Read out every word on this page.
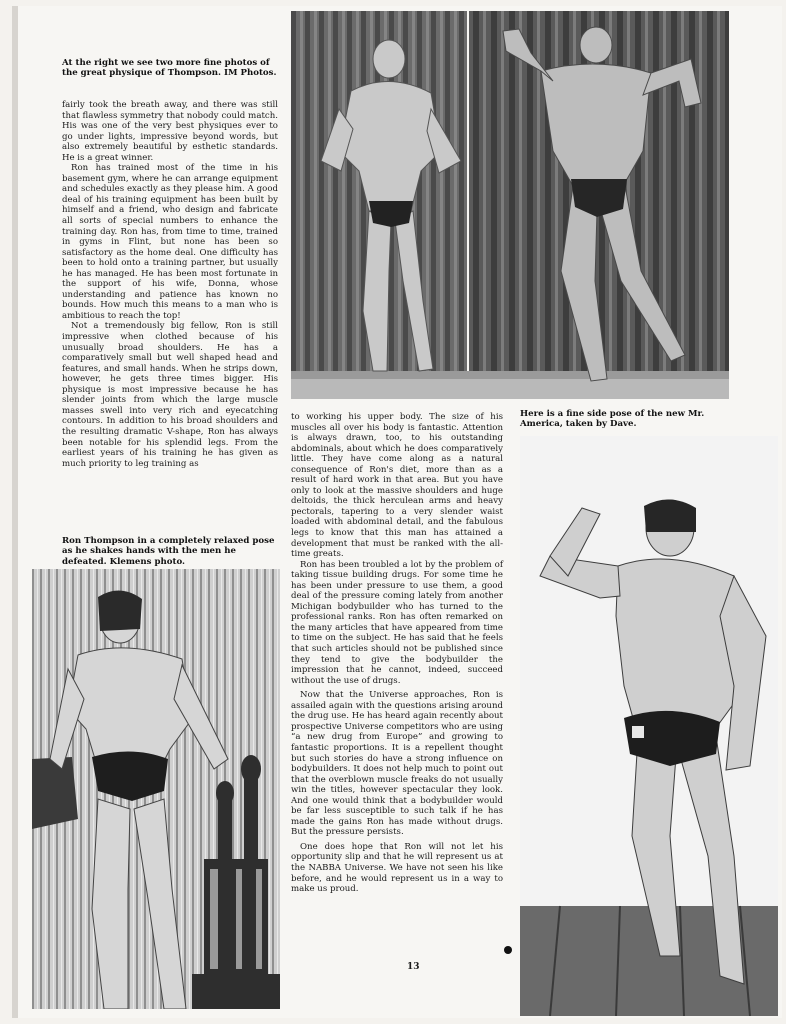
At the right we see two more fine photos of the great physique of Thompson. IM Photos.

fairly took the breath away, and there was still that flawless symmetry that nobody could match. His was one of the very best physiques ever to go under lights, impressive beyond words, but also extremely beautiful by esthetic standards. He is a great winner.

Ron has trained most of the time in his basement gym, where he can arrange equipment and schedules exactly as they please him. A good deal of his training equipment has been built by himself and a friend, who design and fabricate all sorts of special numbers to enhance the training day. Ron has, from time to time, trained in gyms in Flint, but none has been so satisfactory as the home deal. One difficulty has been to hold onto a training partner, but usually he has managed. He has been most fortunate in the support of his wife, Donna, whose understanding and patience has known no bounds. How much this means to a man who is ambitious to reach the top!

Not a tremendously big fellow, Ron is still impressive when clothed because of his unusually broad shoulders. He has a comparatively small but well shaped head and features, and small hands. When he strips down, however, he gets three times bigger. His physique is most impressive because he has slender joints from which the large muscle masses swell into very rich and eyecatching contours. In addition to his broad shoulders and the resulting dramatic V-shape, Ron has always been notable for his splendid legs. From the earliest years of his training he has given as much priority to leg training as

Ron Thompson in a completely relaxed pose as he shakes hands with the men he defeated. Klemens photo.

to working his upper body. The size of his muscles all over his body is fantastic. Attention is always drawn, too, to his outstanding abdominals, about which he does comparatively little. They have come along as a natural consequence of Ron's diet, more than as a result of hard work in that area. But you have only to look at the massive shoulders and huge deltoids, the thick herculean arms and heavy pectorals, tapering to a very slender waist loaded with abdominal detail, and the fabulous legs to know that this man has attained a development that must be ranked with the all-time greats.

Ron has been troubled a lot by the problem of taking tissue building drugs. For some time he has been under pressure to use them, a good deal of the pressure coming lately from another Michigan bodybuilder who has turned to the professional ranks. Ron has often remarked on the many articles that have appeared from time to time on the subject. He has said that he feels that such articles should not be published since they tend to give the bodybuilder the impression that he cannot, indeed, succeed without the use of drugs.

Now that the Universe approaches, Ron is assailed again with the questions arising around the drug use. He has heard again recently about prospective Universe competitors who are using “a new drug from Europe” and growing to fantastic proportions. It is a repellent thought but such stories do have a strong influence on bodybuilders. It does not help much to point out that the overblown muscle freaks do not usually win the titles, however spectacular they look. And one would think that a bodybuilder would be far less susceptible to such talk if he has made the gains Ron has made without drugs. But the pressure persists.

One does hope that Ron will not let his opportunity slip and that he will represent us at the NABBA Universe. We have not seen his like before, and he would represent us in a way to make us proud.

Here is a fine side pose of the new Mr. America, taken by Dave.

13
